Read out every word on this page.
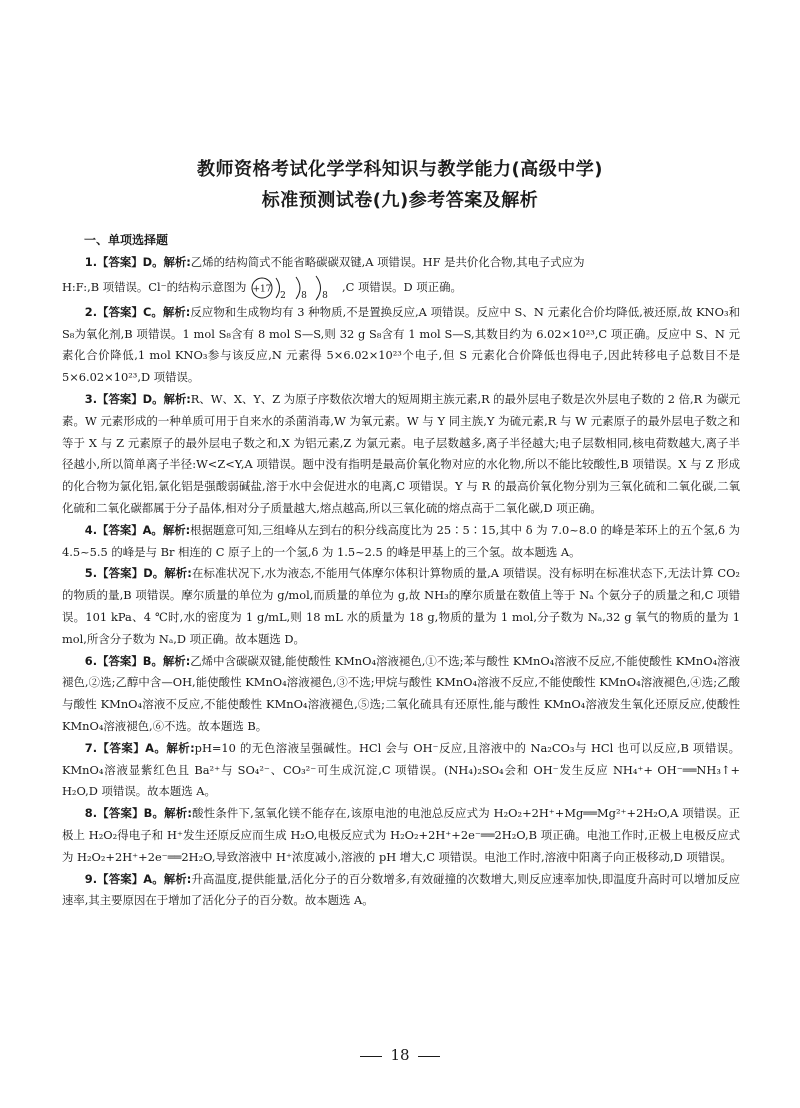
教师资格考试化学学科知识与教学能力(高级中学)
标准预测试卷(九)参考答案及解析
一、单项选择题

1.【答案】D。解析:乙烯的结构简式不能省略碳碳双键,A 项错误。HF 是共价化合物,其电子式应为

H:F:,B 项错误。Cl⁻的结构示意图为 +17
2 8 8
,C 项错误。D 项正确。

2.【答案】C。解析:反应物和生成物均有 3 种物质,不是置换反应,A 项错误。反应中 S、N 元素化合价均降低,被还原,故 KNO₃和 S₈为氧化剂,B 项错误。1 mol S₈含有 8 mol S—S,则 32 g S₈含有 1 mol S—S,其数目约为 6.02×10²³,C 项正确。反应中 S、N 元素化合价降低,1 mol KNO₃参与该反应,N 元素得 5×6.02×10²³个电子,但 S 元素化合价降低也得电子,因此转移电子总数目不是 5×6.02×10²³,D 项错误。

3.【答案】D。解析:R、W、X、Y、Z 为原子序数依次增大的短周期主族元素,R 的最外层电子数是次外层电子数的 2 倍,R 为碳元素。W 元素形成的一种单质可用于自来水的杀菌消毒,W 为氧元素。W 与 Y 同主族,Y 为硫元素,R 与 W 元素原子的最外层电子数之和等于 X 与 Z 元素原子的最外层电子数之和,X 为铝元素,Z 为氯元素。电子层数越多,离子半径越大;电子层数相同,核电荷数越大,离子半径越小,所以简单离子半径:W<Z<Y,A 项错误。题中没有指明是最高价氧化物对应的水化物,所以不能比较酸性,B 项错误。X 与 Z 形成的化合物为氯化铝,氯化铝是强酸弱碱盐,溶于水中会促进水的电离,C 项错误。Y 与 R 的最高价氧化物分别为三氧化硫和二氧化碳,二氧化硫和二氧化碳都属于分子晶体,相对分子质量越大,熔点越高,所以三氧化硫的熔点高于二氧化碳,D 项正确。

4.【答案】A。解析:根据题意可知,三组峰从左到右的积分线高度比为 25∶5∶15,其中 δ 为 7.0~8.0 的峰是苯环上的五个氢,δ 为 4.5~5.5 的峰是与 Br 相连的 C 原子上的一个氢,δ 为 1.5~2.5 的峰是甲基上的三个氢。故本题选 A。

5.【答案】D。解析:在标准状况下,水为液态,不能用气体摩尔体积计算物质的量,A 项错误。没有标明在标准状态下,无法计算 CO₂ 的物质的量,B 项错误。摩尔质量的单位为 g/mol,而质量的单位为 g,故 NH₃的摩尔质量在数值上等于 Nₐ 个氨分子的质量之和,C 项错误。101 kPa、4 ℃时,水的密度为 1 g/mL,则 18 mL 水的质量为 18 g,物质的量为 1 mol,分子数为 Nₐ,32 g 氧气的物质的量为 1 mol,所含分子数为 Nₐ,D 项正确。故本题选 D。

6.【答案】B。解析:乙烯中含碳碳双键,能使酸性 KMnO₄溶液褪色,①不选;苯与酸性 KMnO₄溶液不反应,不能使酸性 KMnO₄溶液褪色,②选;乙醇中含—OH,能使酸性 KMnO₄溶液褪色,③不选;甲烷与酸性 KMnO₄溶液不反应,不能使酸性 KMnO₄溶液褪色,④选;乙酸与酸性 KMnO₄溶液不反应,不能使酸性 KMnO₄溶液褪色,⑤选;二氧化硫具有还原性,能与酸性 KMnO₄溶液发生氧化还原反应,使酸性 KMnO₄溶液褪色,⑥不选。故本题选 B。

7.【答案】A。解析:pH=10 的无色溶液呈强碱性。HCl 会与 OH⁻反应,且溶液中的 Na₂CO₃与 HCl 也可以反应,B 项错误。KMnO₄溶液显紫红色且 Ba²⁺与 SO₄²⁻、CO₃²⁻可生成沉淀,C 项错误。(NH₄)₂SO₄会和 OH⁻发生反应 NH₄⁺+ OH⁻══NH₃↑+ H₂O,D 项错误。故本题选 A。

8.【答案】B。解析:酸性条件下,氢氧化镁不能存在,该原电池的电池总反应式为 H₂O₂+2H⁺+Mg══Mg²⁺+2H₂O,A 项错误。正极上 H₂O₂得电子和 H⁺发生还原反应而生成 H₂O,电极反应式为 H₂O₂+2H⁺+2e⁻══2H₂O,B 项正确。电池工作时,正极上电极反应式为 H₂O₂+2H⁺+2e⁻══2H₂O,导致溶液中 H⁺浓度减小,溶液的 pH 增大,C 项错误。电池工作时,溶液中阳离子向正极移动,D 项错误。

9.【答案】A。解析:升高温度,提供能量,活化分子的百分数增多,有效碰撞的次数增大,则反应速率加快,即温度升高时可以增加反应速率,其主要原因在于增加了活化分子的百分数。故本题选 A。

18
